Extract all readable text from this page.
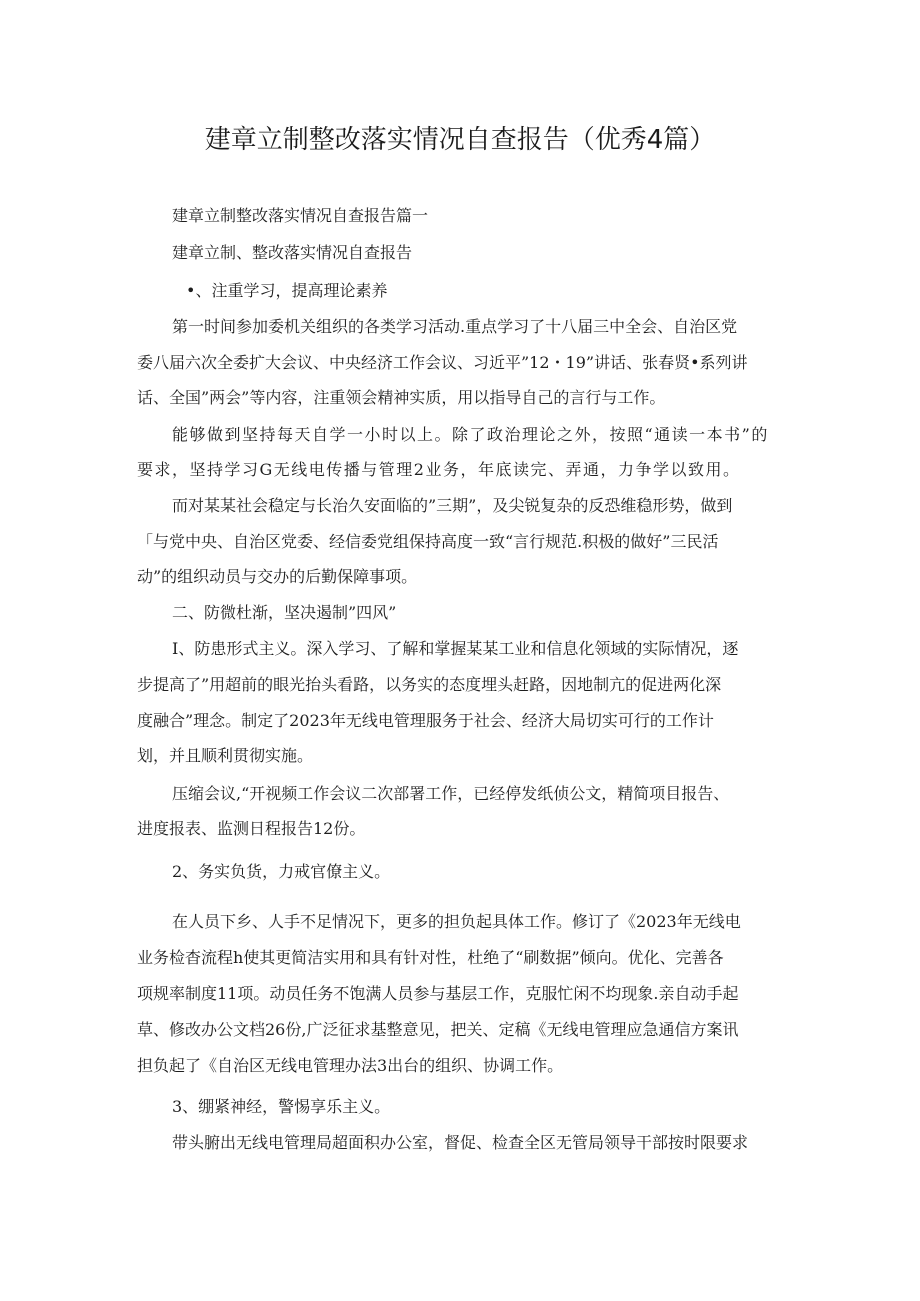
建章立制整改落实情况自查报告（优秀4篇）

建章立制整改落实情况自查报告篇一

建章立制、整改落实情况自查报告

•、注重学习，提高理论素养

第一时间参加委机关组织的各类学习活动.重点学习了十八届三中全会、自治区党

委八届六次全委扩大会议、中央经济工作会议、习近平”12・19”讲话、张春贤•系列讲

话、全国”两会”等内容，注重领会精神实质，用以指导自己的言行与工作。

能够做到坚持每天自学一小时以上。除了政治理论之外，按照“通读一本书”的

要求，坚持学习G无线电传播与管理2业务，年底读完、弄通，力争学以致用。

而对某某社会稳定与长治久安面临的”三期”，及尖锐复杂的反恐维稳形势，做到

「与党中央、自治区党委、经信委党组保持高度一致“言行规范.积极的做好”三民活

动”的组织动员与交办的后勤保障事项。

二、防微杜渐，坚决遏制”四风”

I、防患形式主义。深入学习、了解和掌握某某工业和信息化领域的实际情况，逐

步提高了”用超前的眼光抬头看路，以务实的态度埋头赶路，因地制亢的促进两化深

度融合”理念。制定了2023年无线电管理服务于社会、经济大局切实可行的工作计

划，并且顺利贯彻实施。

压缩会议,“开视频工作会议二次部署工作，已经停发纸侦公文，精简项目报告、

进度报表、监测日程报告12份。

2、务实负货，力戒官僚主义。

在人员下乡、人手不足情况下，更多的担负起具体工作。修订了《2023年无线电

业务检杳流程h使其更简洁实用和具有针对性，杜绝了“刷数据”倾向。优化、完善各

项规率制度11项。动员任务不饱满人员参与基层工作，克服忙闲不均现象.亲自动手起

草、修改办公文档26份,广泛征求基整意见，把关、定稿《无线电管理应急通信方案讯

担负起了《自治区无线电管理办法3出台的组织、协调工作。

3、绷紧神经，警惕享乐主义。

带头腑出无线电管理局超面积办公室，督促、检查全区无管局领导干部按时限要求
